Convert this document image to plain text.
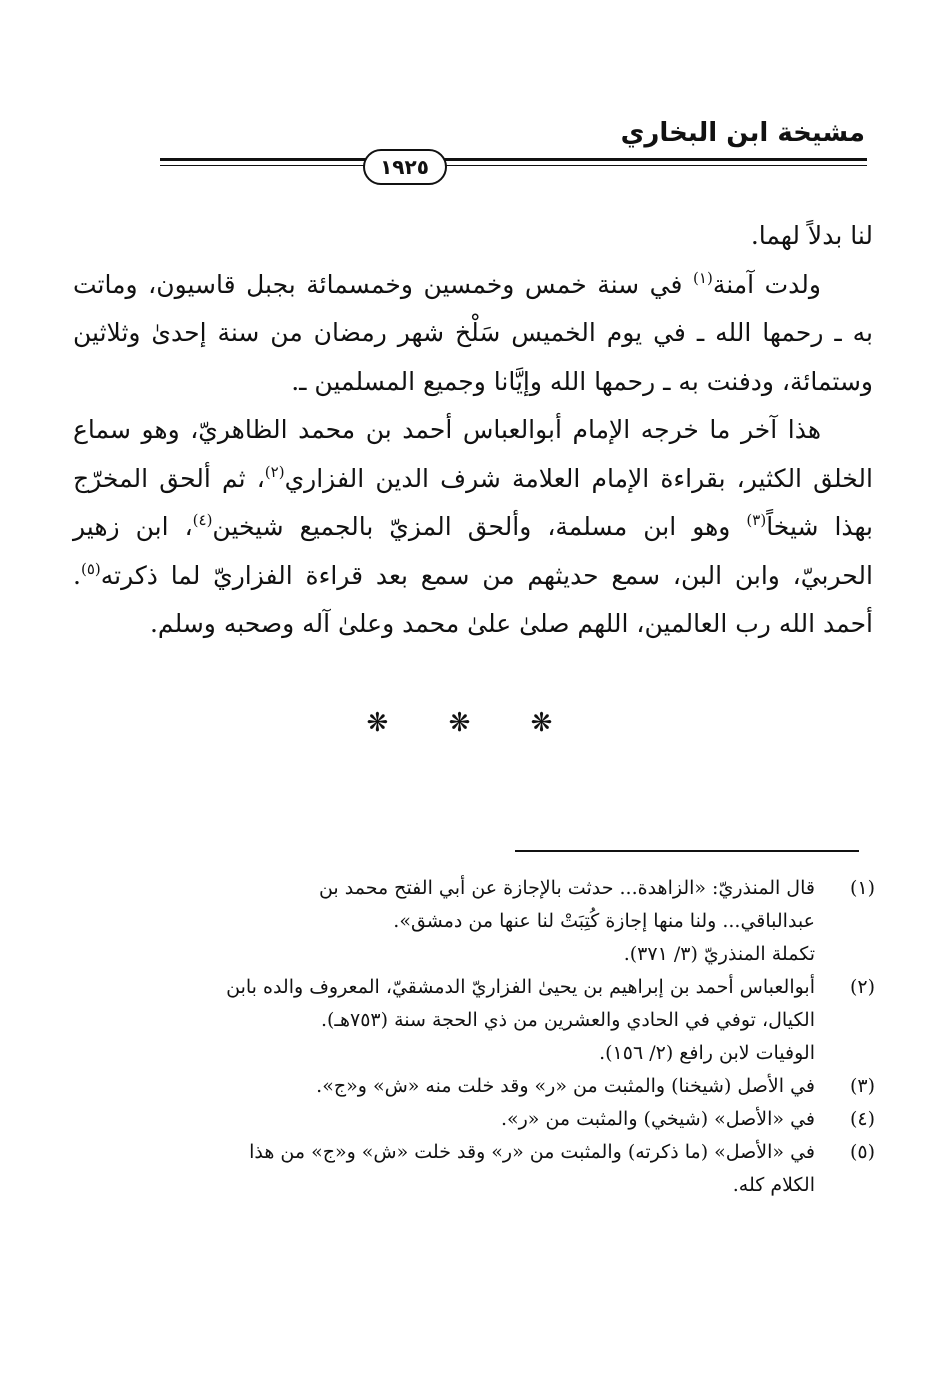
مشيخة ابن البخاري
١٩٢٥

لنا بدلاً لهما.

ولدت آمنة$^{(١)}$ في سنة خمس وخمسين وخمسمائة بجبل قاسيون، وماتت به ـ رحمها الله ـ في يوم الخميس سَلْخ شهر رمضان من سنة إحدىٰ وثلاثين وستمائة، ودفنت به ـ رحمها الله وإيَّانا وجميع المسلمين ـ.

هذا آخر ما خرجه الإمام أبوالعباس أحمد بن محمد الظاهريّ، وهو سماع الخلق الكثير، بقراءة الإمام العلامة شرف الدين الفزاري$^{(٢)}$، ثم ألحق المخرّج بهذا شيخاً$^{(٣)}$ وهو ابن مسلمة، وألحق المزيّ بالجميع شيخين$^{(٤)}$، ابن زهير الحربيّ، وابن البن، سمع حديثهم من سمع بعد قراءة الفزاريّ لما ذكرته$^{(٥)}$. أحمد الله رب العالمين، اللهم صلىٰ علىٰ محمد وعلىٰ آله وصحبه وسلم.

❋ ❋ ❋
(١)
قال المنذريّ: «الزاهدة... حدثت بالإجازة عن أبي الفتح محمد بن
عبدالباقي... ولنا منها إجازة كُتِبَتْ لنا عنها من دمشق».
تكملة المنذريّ (٣/ ٣٧١).
(٢)
أبوالعباس أحمد بن إبراهيم بن يحيىٰ الفزاريّ الدمشقيّ، المعروف والده بابن
الكيال، توفي في الحادي والعشرين من ذي الحجة سنة (٧٥٣هـ).
الوفيات لابن رافع (٢/ ١٥٦).
(٣)
في الأصل (شيخنا) والمثبت من «ر» وقد خلت منه «ش» و«ج».
(٤)
في «الأصل» (شيخي) والمثبت من «ر».
(٥)
في «الأصل» (ما ذكرته) والمثبت من «ر» وقد خلت «ش» و«ج» من هذا
الكلام كله.
